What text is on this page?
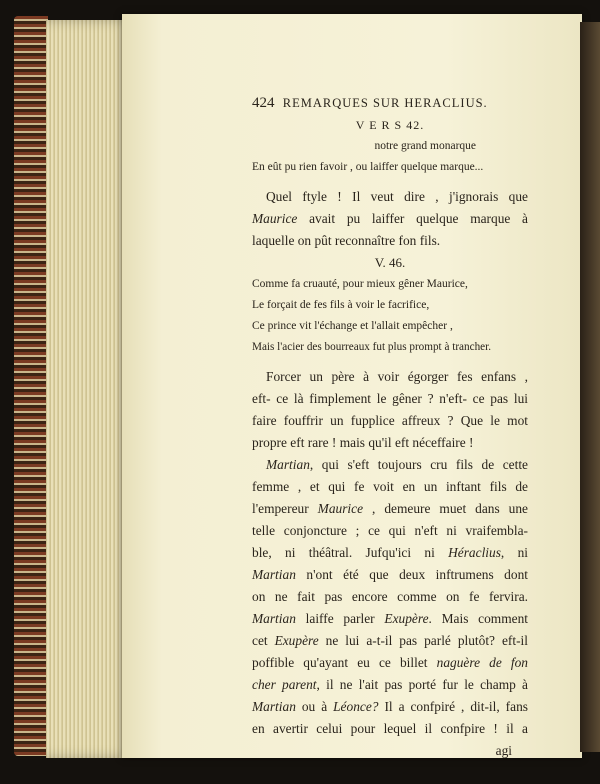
424 REMARQUES SUR HERACLIUS.
V E R S 42.
notre grand monarque
En eût pu rien favoir , ou laiffer quelque marque...
Quel ftyle ! Il veut dire , j'ignorais que
Maurice avait pu laiffer quelque marque à
laquelle on pût reconnaître fon fils.
V. 46.
Comme fa cruauté, pour mieux gêner Maurice,
Le forçait de fes fils à voir le facrifice,
Ce prince vit l'échange et l'allait empêcher ,
Mais l'acier des bourreaux fut plus prompt à trancher.
Forcer un père à voir égorger fes enfans ,
eft- ce là fimplement le gêner ? n'eft- ce pas lui
faire fouffrir un fupplice affreux ? Que le mot
propre eft rare ! mais qu'il eft néceffaire !
Martian, qui s'eft toujours cru fils de cette
femme , et qui fe voit en un inftant fils de
l'empereur Maurice , demeure muet dans une
telle conjoncture ; ce qui n'eft ni vraifembla-
ble, ni théâtral. Jufqu'ici ni Héraclius, ni
Martian n'ont été que deux inftrumens dont
on ne fait pas encore comme on fe fervira.
Martian laiffe parler Exupère. Mais comment
cet Exupère ne lui a-t-il pas parlé plutôt? eft-il
poffible qu'ayant eu ce billet naguère de fon
cher parent, il ne l'ait pas porté fur le champ à
Martian ou à Léonce? Il a confpiré , dit-il, fans
en avertir celui pour lequel il confpire ! il a
agi
